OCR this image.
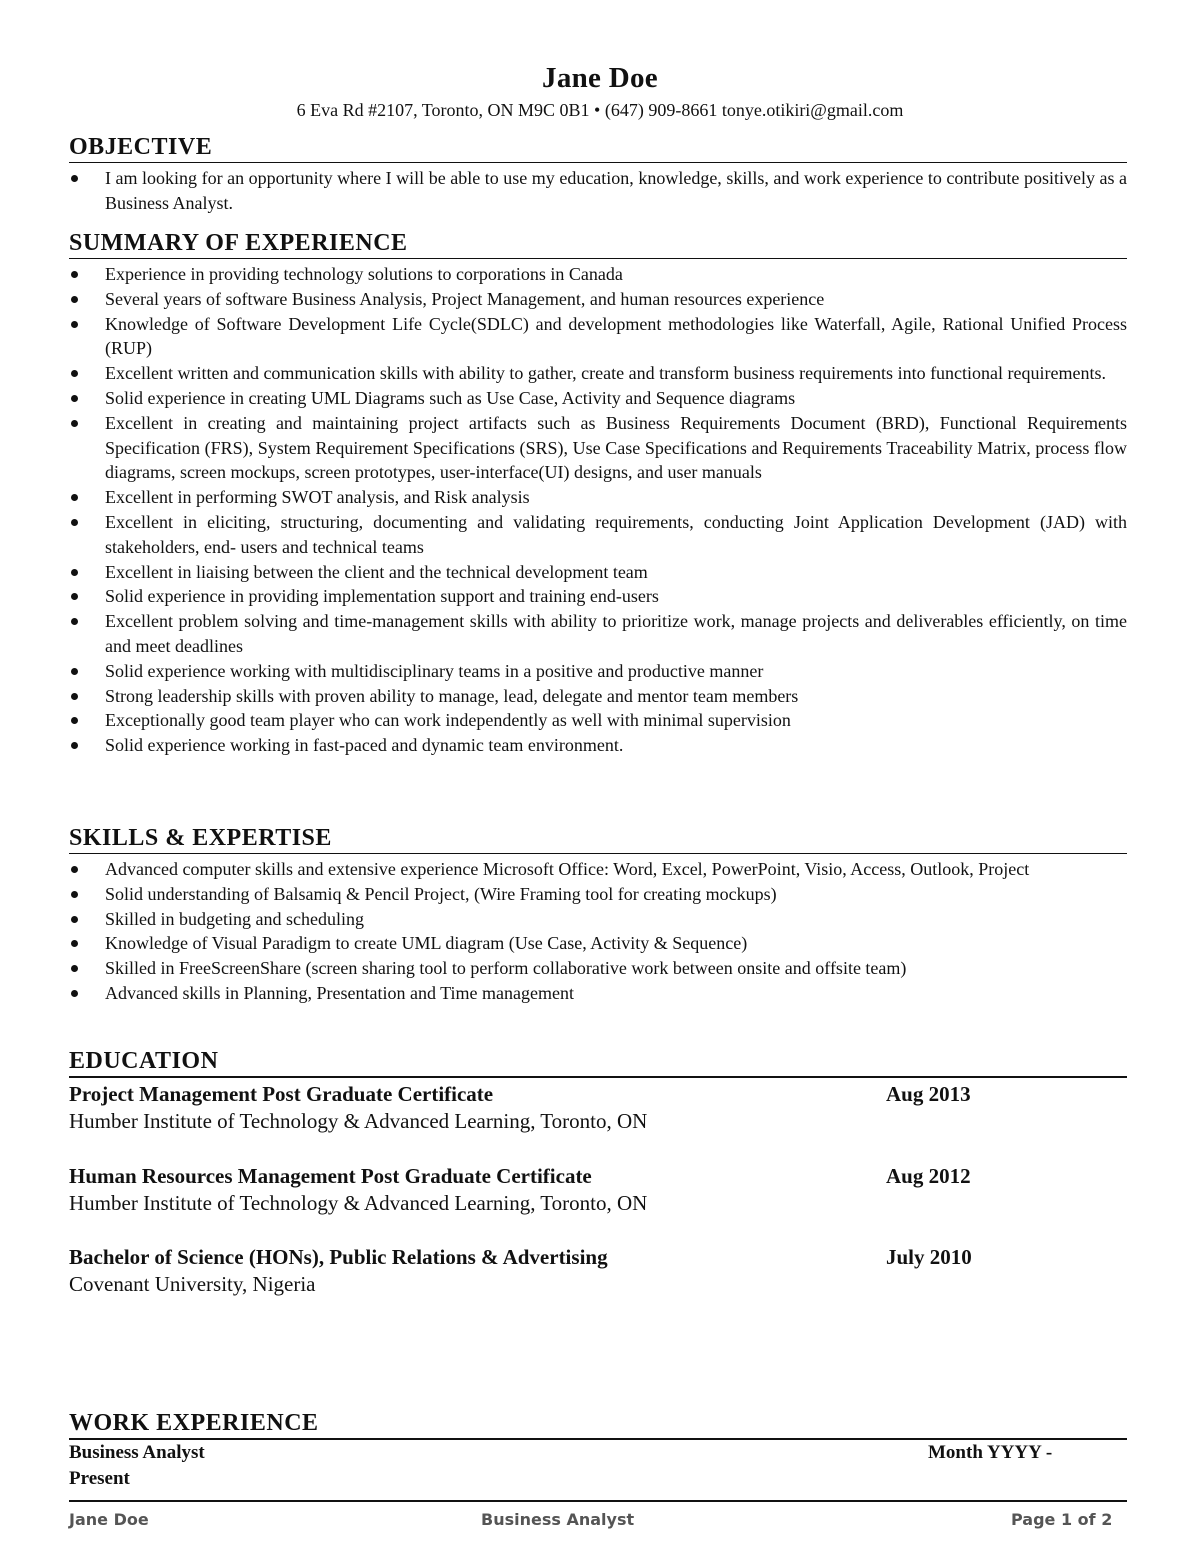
Jane Doe
6 Eva Rd #2107, Toronto, ON M9C 0B1 • (647) 909-8661 tonye.otikiri@gmail.com
OBJECTIVE
I am looking for an opportunity where I will be able to use my education, knowledge, skills, and work experience to contribute positively as a Business Analyst.
SUMMARY OF EXPERIENCE
Experience in providing technology solutions to corporations in Canada
Several years of software Business Analysis, Project Management, and human resources experience
Knowledge of Software Development Life Cycle(SDLC) and development methodologies like Waterfall, Agile, Rational Unified Process (RUP)
Excellent written and communication skills with ability to gather, create and transform business requirements into functional requirements.
Solid experience in creating UML Diagrams such as Use Case, Activity and Sequence diagrams
Excellent in creating and maintaining project artifacts such as Business Requirements Document (BRD), Functional Requirements Specification (FRS), System Requirement Specifications (SRS), Use Case Specifications and Requirements Traceability Matrix, process flow diagrams, screen mockups, screen prototypes, user-interface(UI) designs, and user manuals
Excellent in performing SWOT analysis, and Risk analysis
Excellent in eliciting, structuring, documenting and validating requirements, conducting Joint Application Development (JAD) with stakeholders, end- users and technical teams
Excellent in liaising between the client and the technical development team
Solid experience in providing implementation support and training end-users
Excellent problem solving and time-management skills with ability to prioritize work, manage projects and deliverables efficiently, on time and meet deadlines
Solid experience working with multidisciplinary teams in a positive and productive manner
Strong leadership skills with proven ability to manage, lead, delegate and mentor team members
Exceptionally good team player who can work independently as well with minimal supervision
Solid experience working in fast-paced and dynamic team environment.
SKILLS & EXPERTISE
Advanced computer skills and extensive experience Microsoft Office: Word, Excel, PowerPoint, Visio, Access, Outlook, Project
Solid understanding of Balsamiq & Pencil Project, (Wire Framing tool for creating mockups)
Skilled in budgeting and scheduling
Knowledge of Visual Paradigm to create UML diagram (Use Case, Activity & Sequence)
Skilled in FreeScreenShare (screen sharing tool to perform collaborative work between onsite and offsite team)
Advanced skills in Planning, Presentation and Time management
EDUCATION
Project Management Post Graduate Certificate	Aug 2013
Humber Institute of Technology & Advanced Learning, Toronto, ON
Human Resources Management Post Graduate Certificate	Aug 2012
Humber Institute of Technology & Advanced Learning, Toronto, ON
Bachelor of Science (HONs), Public Relations & Advertising	July 2010
Covenant University, Nigeria
WORK EXPERIENCE
Business Analyst	Month YYYY -
Present
Jane Doe	Business Analyst	Page 1 of 2
